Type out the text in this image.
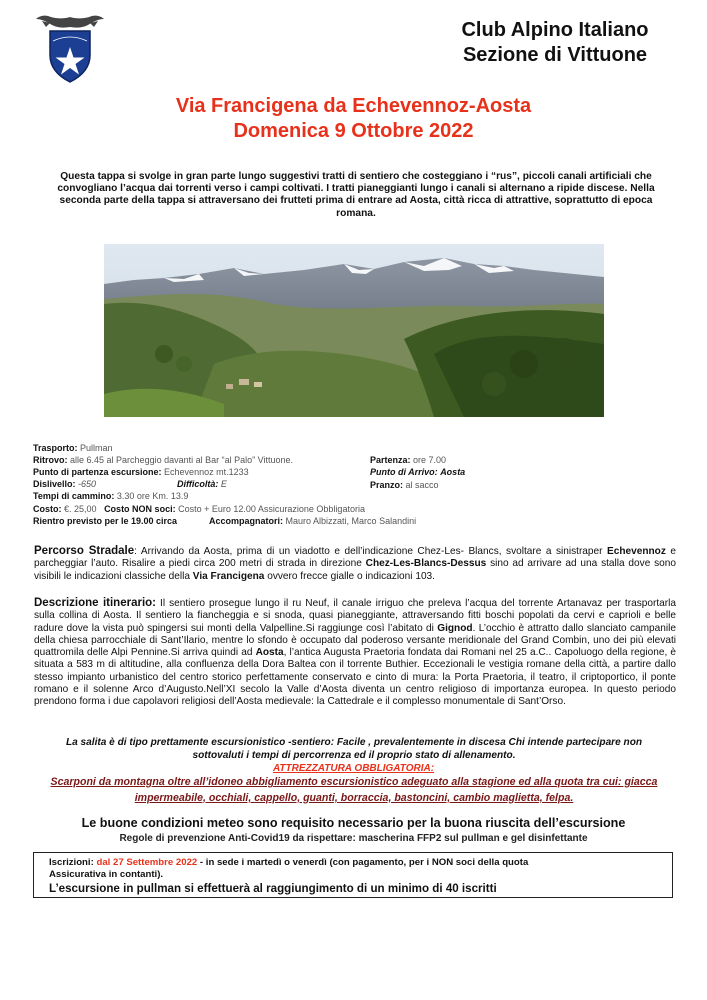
Club Alpino Italiano
Sezione di Vittuone
Via Francigena da Echevennoz-Aosta
Domenica 9 Ottobre 2022
Questa tappa si svolge in gran parte lungo suggestivi tratti di sentiero che costeggiano i “rus”, piccoli canali artificiali che convogliano l’acqua dai torrenti verso i campi coltivati. I tratti pianeggianti lungo i canali si alternano a ripide discese. Nella seconda parte della tappa si attraversano dei frutteti prima di entrare ad Aosta, città ricca di attrattive, soprattutto di epoca romana.
Trasporto: Pullman
Ritrovo: alle 6.45 al Parcheggio davanti al Bar “al Palo” Vittuone.	Partenza: ore 7.00
Punto di partenza escursione: Echevennoz mt.1233	Punto di Arrivo: Aosta
Dislivello: -650	Difficoltà: E	Pranzo: al sacco
Tempi di cammino: 3.30 ore Km. 13.9
Costo: €. 25,00 Costo NON soci: Costo + Euro 12.00 Assicurazione Obbligatoria
Rientro previsto per le 19.00 circa	Accompagnatori: Mauro Albizzati, Marco Salandini

Percorso Stradale: Arrivando da Aosta, prima di un viadotto e dell’indicazione Chez-Les- Blancs, svoltare a sinistraper Echevennoz e parcheggiar l’auto. Risalire a piedi circa 200 metri di strada in direzione Chez-Les-Blancs-Dessus sino ad arrivare ad una stalla dove sono visibili le indicazioni classiche della Via Francigena ovvero frecce gialle o indicazioni 103.

Descrizione itinerario: Il sentiero prosegue lungo il ru Neuf, il canale irriguo che preleva l’acqua del torrente Artanavaz per trasportarla sulla collina di Aosta. Il sentiero la fiancheggia e si snoda, quasi pianeggiante, attraversando fitti boschi popolati da cervi e caprioli e belle radure dove la vista può spingersi sui monti della Valpelline.Si raggiunge così l’abitato di Gignod. L’occhio è attratto dallo slanciato campanile della chiesa parrocchiale di Sant’Ilario, mentre lo sfondo è occupato dal poderoso versante meridionale del Grand Combin, uno dei più elevati quattromila delle Alpi Pennine.Si arriva quindi ad Aosta, l’antica Augusta Praetoria fondata dai Romani nel 25 a.C.. Capoluogo della regione, è situata a 583 m di altitudine, alla confluenza della Dora Baltea con il torrente Buthier. Eccezionali le vestigia romane della città, a partire dallo stesso impianto urbanistico del centro storico perfettamente conservato e cinto di mura: la Porta Praetoria, il teatro, il criptoportico, il ponte romano e il solenne Arco d’Augusto.Nell’XI secolo la Valle d’Aosta diventa un centro religioso di importanza europea. In questo periodo prendono forma i due capolavori religiosi dell’Aosta medievale: la Cattedrale e il complesso monumentale di Sant’Orso.

La salita è di tipo prettamente escursionistico -sentiero: Facile , prevalentemente in discesa Chi intende partecipare non
sottovaluti i tempi di percorrenza ed il proprio stato di allenamento.
ATTREZZATURA OBBLIGATORIA:
Scarponi da montagna oltre all’idoneo abbigliamento escursionistico adeguato alla stagione ed alla quota tra cui: giacca
impermeabile, occhiali, cappello, guanti, borraccia, bastoncini, cambio maglietta, felpa.
Le buone condizioni meteo sono requisito necessario per la buona riuscita dell’escursione
Regole di prevenzione Anti-Covid19 da rispettare: mascherina FFP2 sul pullman e gel disinfettante
Iscrizioni: dal 27 Settembre 2022 - in sede i martedì o venerdì (con pagamento, per i NON soci della quota
Assicurativa in contanti).
L’escursione in pullman si effettuerà al raggiungimento di un minimo di 40 iscritti
